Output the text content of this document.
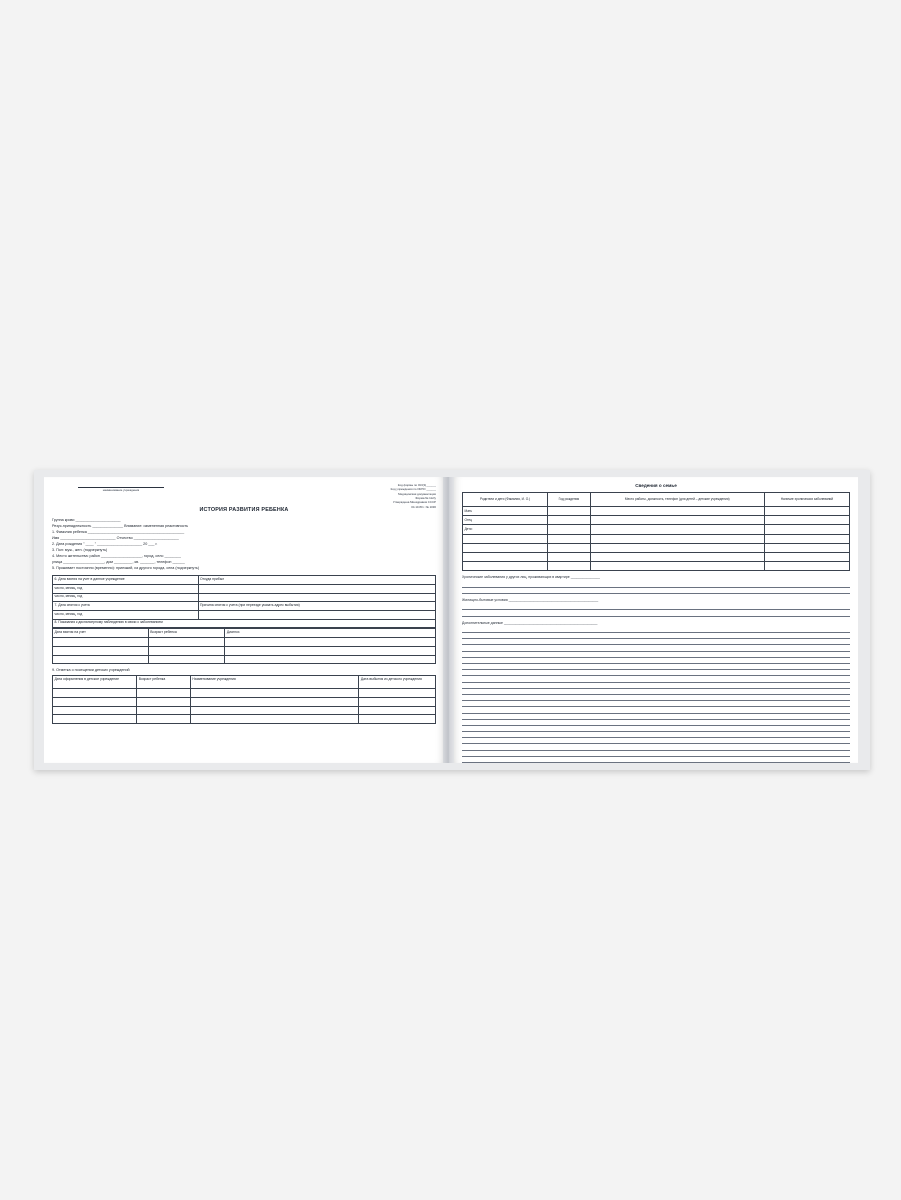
наименование учреждения
Код формы по ОКУД ______
Код учреждения по ОКПО ______
Медицинская документация
Форма № 112/у
Утверждена Минздравом СССР
04.10.80 г. № 1030
ИСТОРИЯ РАЗВИТИЯ РЕБЕНКА
Группа крови ______________________
Резус-принадлежность _______________ Внимание: измененная реактивность
1. Фамилия ребенка _______________________________________________
Имя ___________________________ Отчество ______________________
2. Дата рождения " ____ " ______________________ 20 ___ г.
3. Пол: муж., жен. (подчеркнуть)
4. Место жительства: район ____________________, город, село ________
улица ____________________, дом _________, кв. _______, телефон ______
5. Проживает постоянно (временно): приезжий, из другого города, села (подчеркнуть)
6. Дата взятия на учет в данное учреждение	Откуда прибыл
число, месяц, год	
число, месяц, год	
7. Дата снятия с учета	Причина снятия с учета (при переезде указать адрес выбытия)
число, месяц, год	
8. Показания к диспансерному наблюдению в связи с заболеванием	
Дата взятия на учет	Возраст ребенка	Диагноз

9. Отметка о посещении детских учреждений
Дата оформления в детское учреждение	Возраст ребенка	Наименование учреждения	Дата выбытия из детского учреждения

Сведения о семье
Родители и дети (Фамилия, И. О.)	Год рождения	Место работы, должность, телефон (для детей – детские учреждения)	Наличие хронических заболеваний
Мать			
Отец			
Дети:			

Хронические заболевания у других лиц, проживающих в квартире _______________
Жилищно-бытовые условия ______________________________________________
Дополнительные данные ________________________________________________
